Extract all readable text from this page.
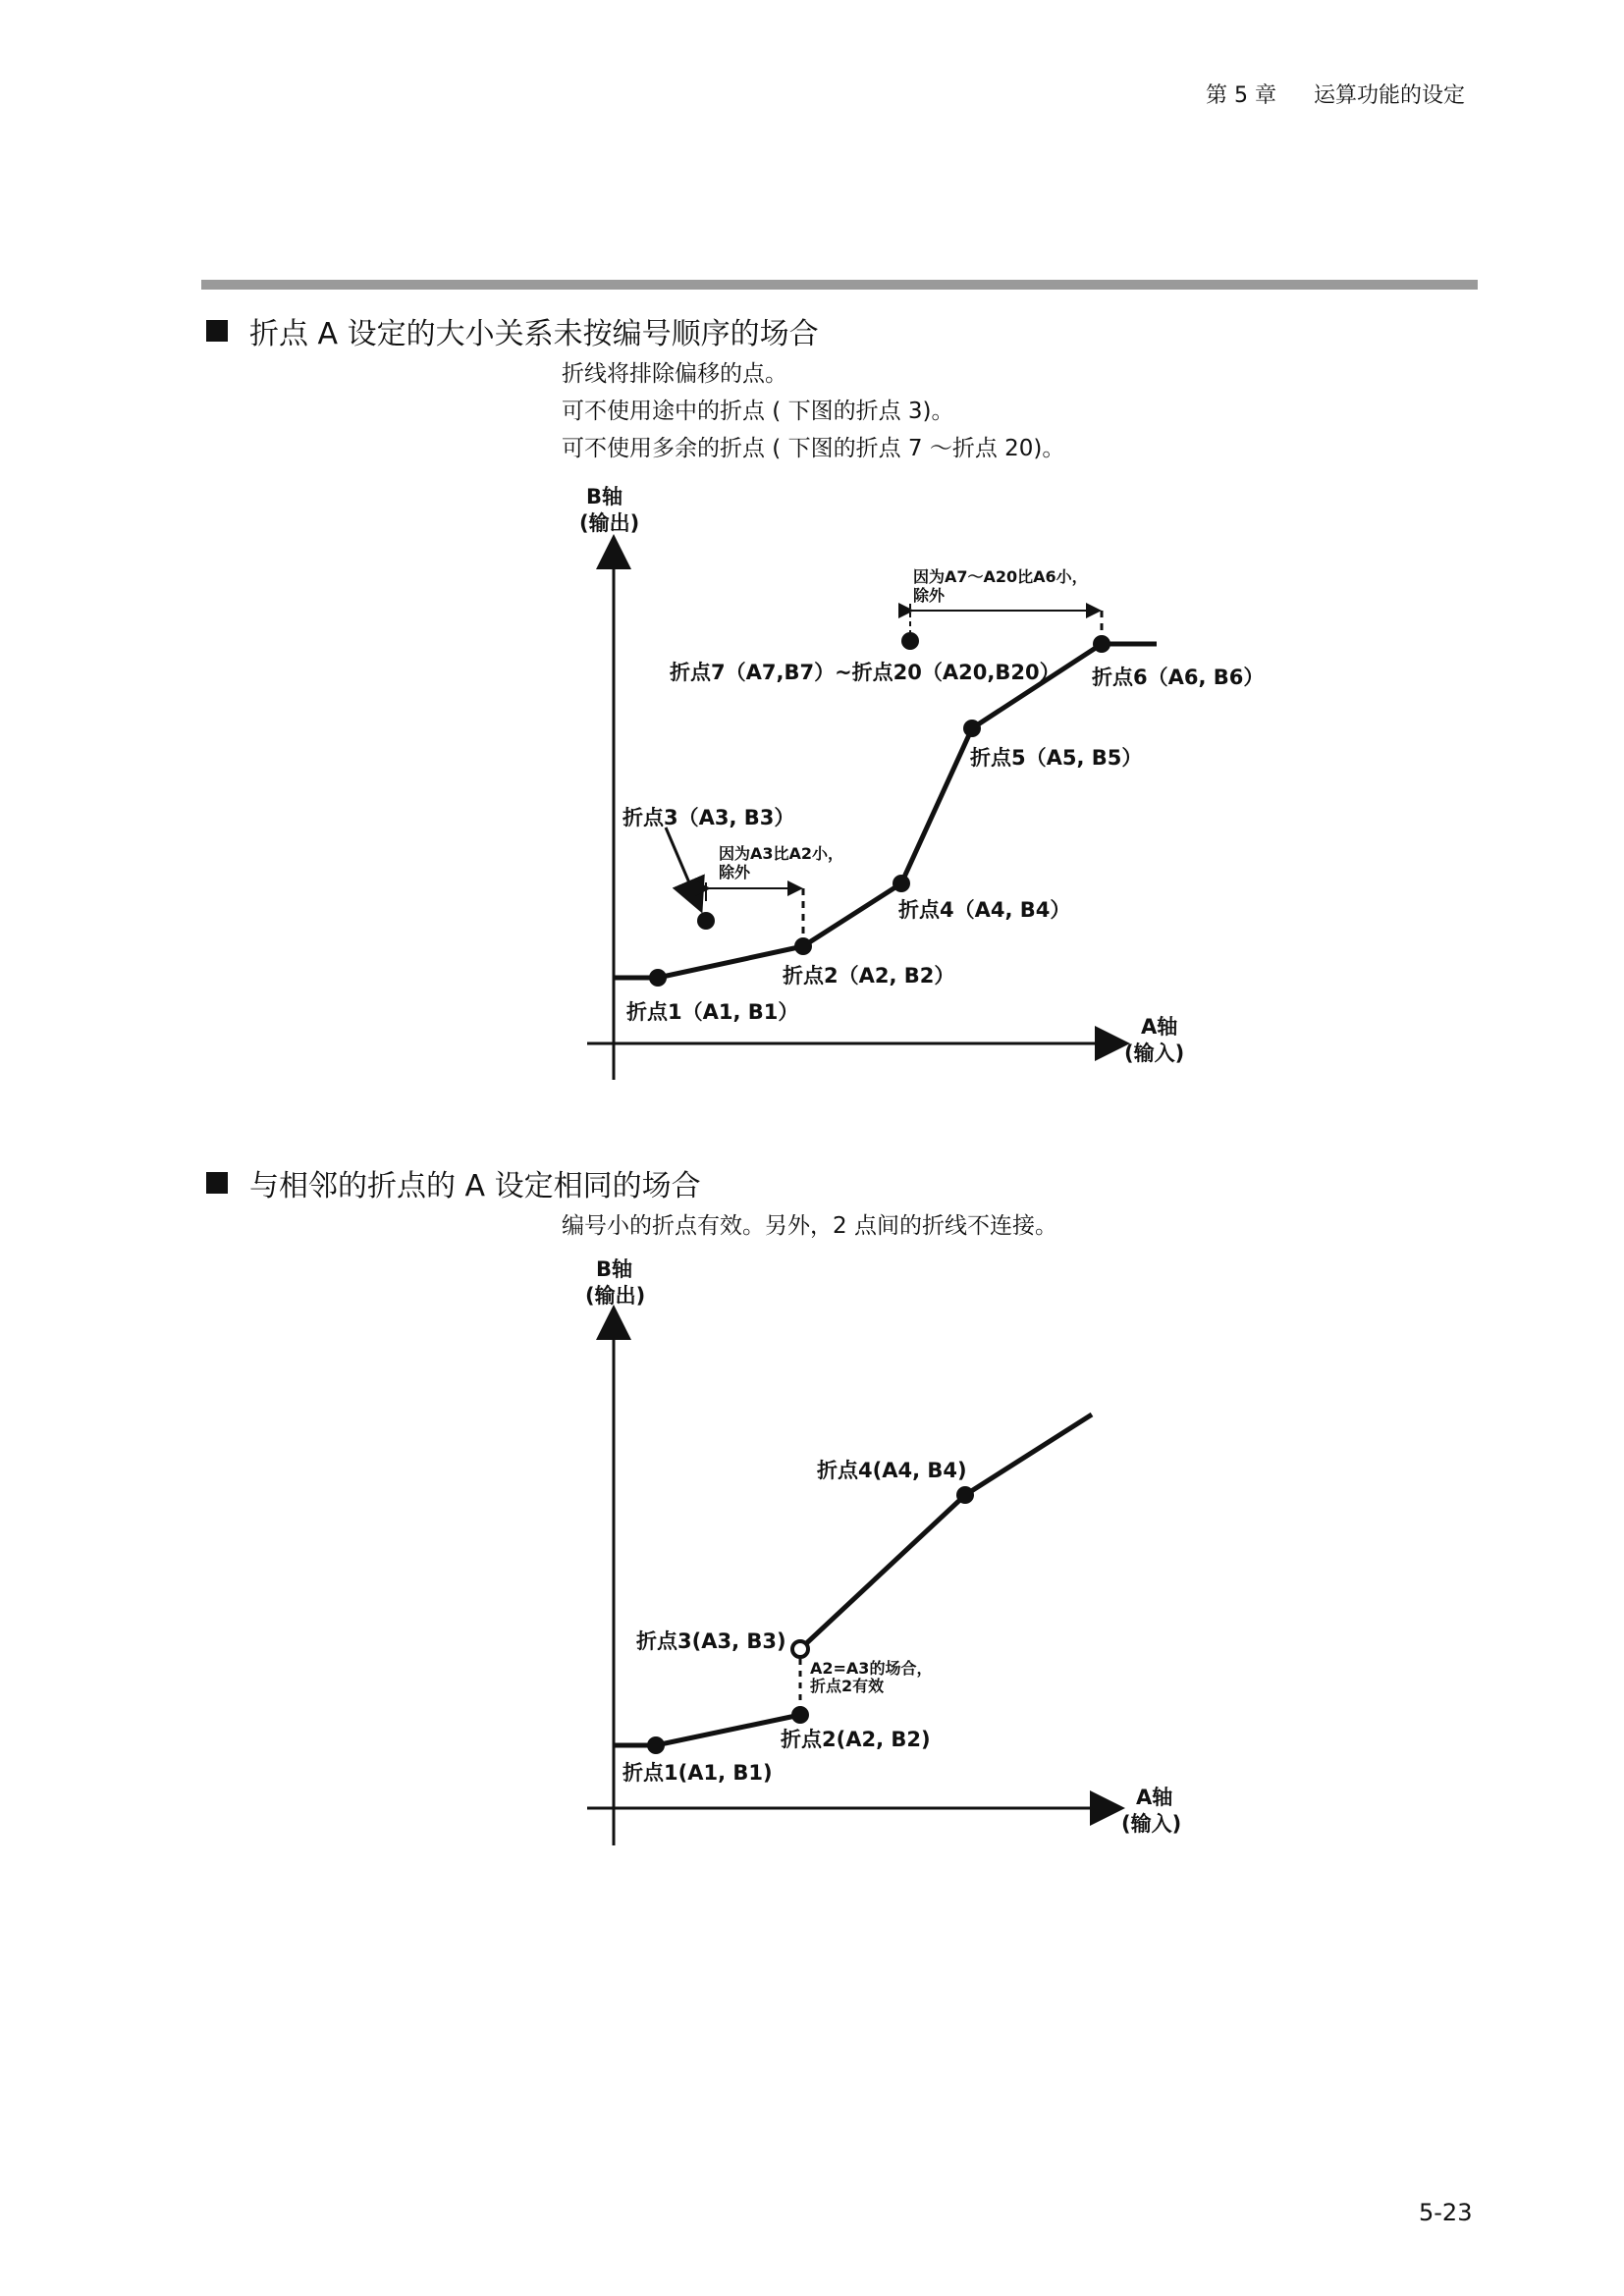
第 5 章 运算功能的设定
折点 A 设定的大小关系未按编号顺序的场合
折线将排除偏移的点。
可不使用途中的折点 ( 下图的折点 3)。
可不使用多余的折点 ( 下图的折点 7 ～折点 20)。
B轴
(输出)
A轴
(输入)
折点1（A1, B1）
折点2（A2, B2）
折点3（A3, B3）
折点4（A4, B4）
折点5（A5, B5）
折点6（A6, B6）
折点7（A7,B7）~折点20（A20,B20）
因为A3比A2小，
除外
因为A7～A20比A6小，
除外
与相邻的折点的 A 设定相同的场合
编号小的折点有效。另外，2 点间的折线不连接。
B轴
(输出)
A轴
(输入)
折点1(A1, B1)
折点2(A2, B2)
折点3(A3, B3)
折点4(A4, B4)
A2=A3的场合，
折点2有效
5-23
